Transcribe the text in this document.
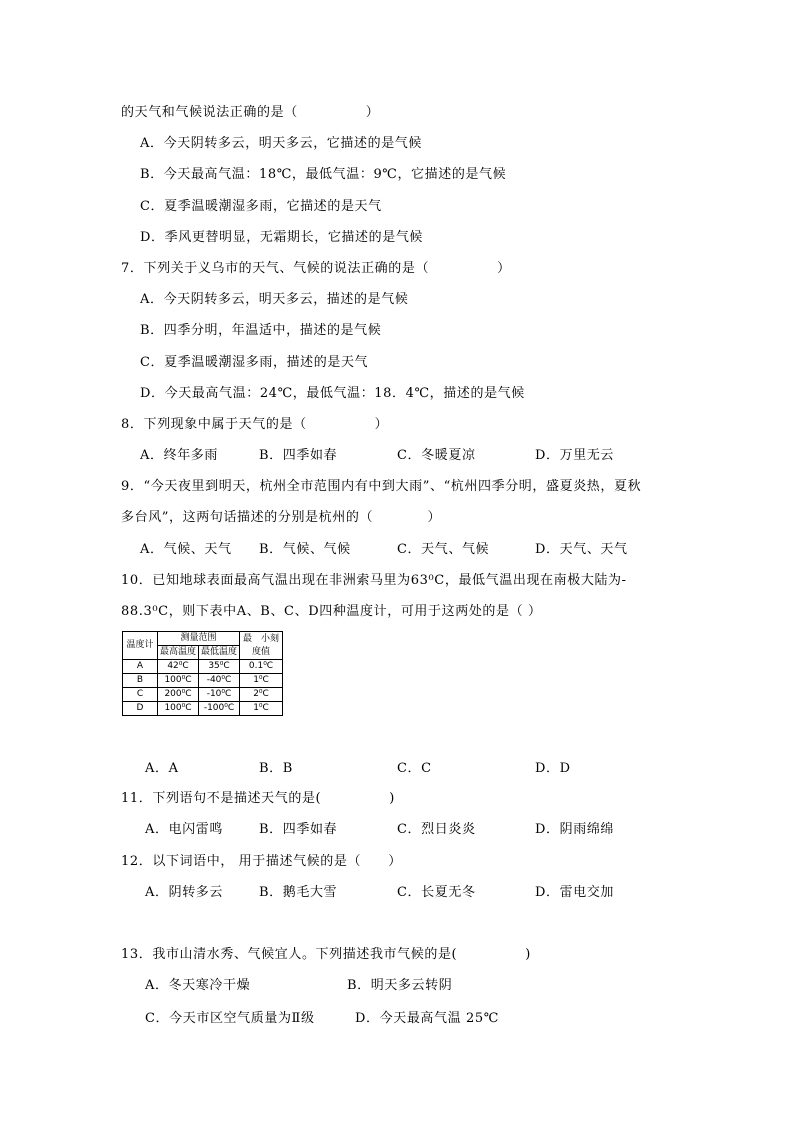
的天气和气候说法正确的是（　　　　　）
A．今天阴转多云，明天多云，它描述的是气候
B．今天最高气温：18℃，最低气温：9℃，它描述的是气候
C．夏季温暖潮湿多雨，它描述的是天气
D．季风更替明显，无霜期长，它描述的是气候
7．下列关于义乌市的天气、气候的说法正确的是（　　　　　）
A．今天阴转多云，明天多云，描述的是气候
B．四季分明，年温适中，描述的是气候
C．夏季温暖潮湿多雨，描述的是天气
D．今天最高气温：24℃，最低气温：18．4℃，描述的是气候
8．下列现象中属于天气的是（　　　　　）
A．终年多雨	B．四季如春	C．冬暖夏凉	D．万里无云
9．“今天夜里到明天，杭州全市范围内有中到大雨”、“杭州四季分明，盛夏炎热，夏秋
多台风”，这两句话描述的分别是杭州的（　　　　）
A．气候、天气 B．气候、气候	C．天气、气候	D．天气、天气
10．已知地球表面最高气温出现在非洲索马里为63⁰C，最低气温出现在南极大陆为-
88.3⁰C，则下表中A、B、C、D四种温度计，可用于这两处的是（ ）
温度计	测量范围		最　小刻度值
	最高温度	最低温度	
A	42⁰C	35⁰C	0.1⁰C
B	100⁰C	-40⁰C	1⁰C
C	200⁰C	-10⁰C	2⁰C
D	100⁰C	-100⁰C	1⁰C
A．A	B．B	C．C	D．D
11．下列语句不是描述天气的是(　　　　　)
A．电闪雷鸣	B．四季如春	C．烈日炎炎	D．阴雨绵绵
12．以下词语中， 用于描述气候的是（　　）
A．阴转多云	B．鹅毛大雪	C．长夏无冬	D．雷电交加
13．我市山清水秀、气候宜人。下列描述我市气候的是(　　　　　)
A．冬天寒冷干燥	B．明天多云转阴
C．今天市区空气质量为Ⅱ级	D．今天最高气温 25℃
